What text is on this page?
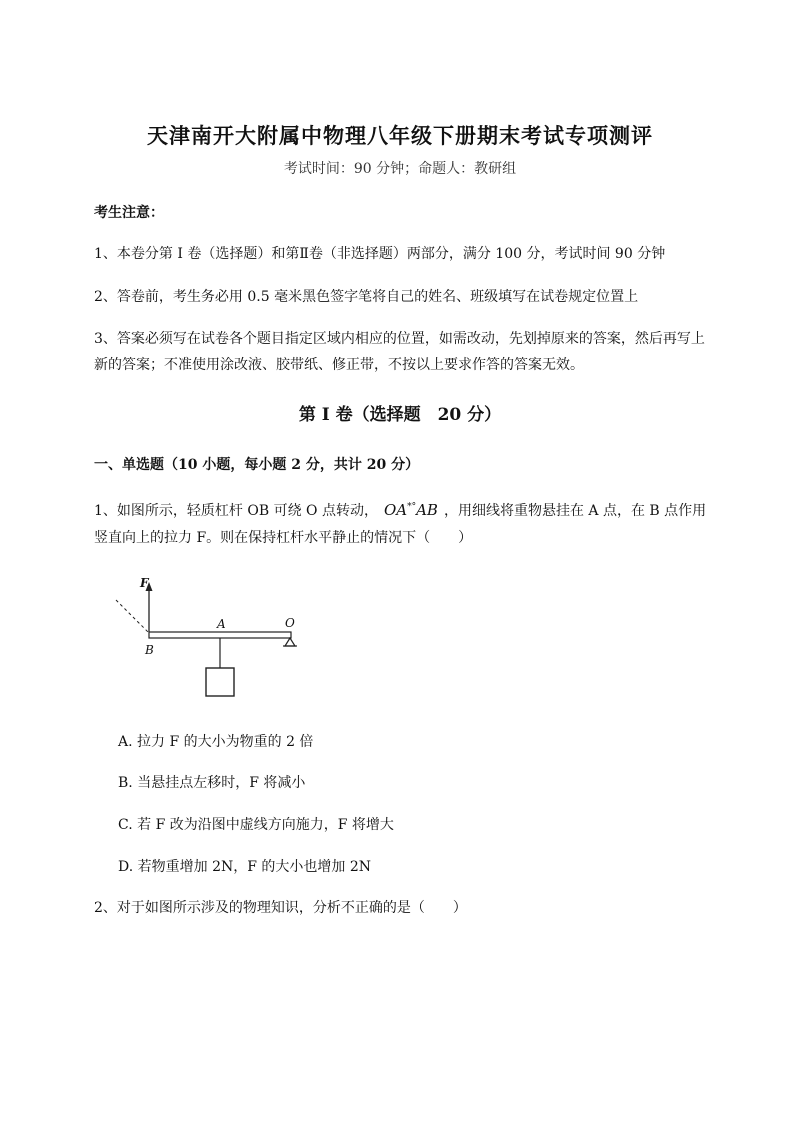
天津南开大附属中物理八年级下册期末考试专项测评
考试时间：90 分钟；命题人：教研组
考生注意：
1、本卷分第 I 卷（选择题）和第Ⅱ卷（非选择题）两部分，满分 100 分，考试时间 90 分钟
2、答卷前，考生务必用 0.5 毫米黑色签字笔将自己的姓名、班级填写在试卷规定位置上
3、答案必须写在试卷各个题目指定区域内相应的位置，如需改动，先划掉原来的答案，然后再写上新的答案；不准使用涂改液、胶带纸、修正带，不按以上要求作答的答案无效。
第 I 卷（选择题　20 分）
一、单选题（10 小题，每小题 2 分，共计 20 分）
1、如图所示，轻质杠杆 OB 可绕 O 点转动， OA*°AB ，用细线将重物悬挂在 A 点，在 B 点作用竖直向上的拉力 F。则在保持杠杆水平静止的情况下（　　）
F
A	O
B
A. 拉力 F 的大小为物重的 2 倍
B. 当悬挂点左移时，F 将减小
C. 若 F 改为沿图中虚线方向施力，F 将增大
D. 若物重增加 2N，F 的大小也增加 2N
2、对于如图所示涉及的物理知识，分析不正确的是（　　）
